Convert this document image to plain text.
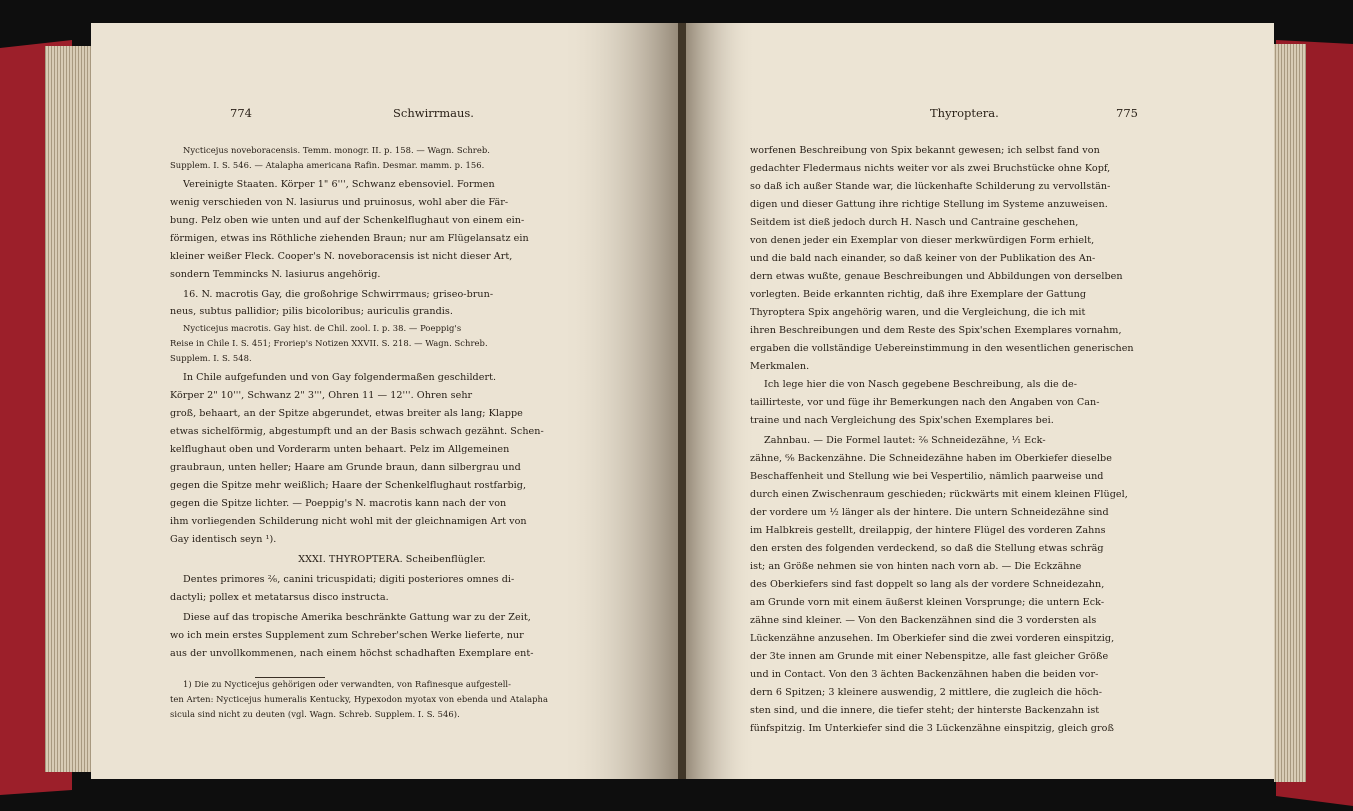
774	Schwirrmaus.	Thyroptera.	775
Nycticejus noveboracensis. Temm. monogr. II. p. 158. — Wagn. Schreb.
Supplem. I. S. 546. — Atalapha americana Rafin. Desmar. mamm. p. 156.
Vereinigte Staaten. Körper 1" 6''', Schwanz ebensoviel. Formen
wenig verschieden von N. lasiurus und pruinosus, wohl aber die Fär-
bung. Pelz oben wie unten und auf der Schenkelflughaut von einem ein-
förmigen, etwas ins Röthliche ziehenden Braun; nur am Flügelansatz ein
kleiner weißer Fleck. Cooper's N. noveboracensis ist nicht dieser Art,
sondern Temmincks N. lasiurus angehörig.
16. N. macrotis Gay, die großohrige Schwirrmaus; griseo-brun-
neus, subtus pallidior; pilis bicoloribus; auriculis grandis.
Nycticejus macrotis. Gay hist. de Chil. zool. I. p. 38. — Poeppig's
Reise in Chile I. S. 451; Froriep's Notizen XXVII. S. 218. — Wagn. Schreb.
Supplem. I. S. 548.
In Chile aufgefunden und von Gay folgendermaßen geschildert.
Körper 2" 10''', Schwanz 2" 3''', Ohren 11 — 12'''. Ohren sehr
groß, behaart, an der Spitze abgerundet, etwas breiter als lang; Klappe
etwas sichelförmig, abgestumpft und an der Basis schwach gezähnt. Schen-
kelflughaut oben und Vorderarm unten behaart. Pelz im Allgemeinen
graubraun, unten heller; Haare am Grunde braun, dann silbergrau und
gegen die Spitze mehr weißlich; Haare der Schenkelflughaut rostfarbig,
gegen die Spitze lichter. — Poeppig's N. macrotis kann nach der von
ihm vorliegenden Schilderung nicht wohl mit der gleichnamigen Art von
Gay identisch seyn ¹).
XXXI. THYROPTERA. Scheibenflügler.
Dentes primores ²⁄₆, canini tricuspidati; digiti posteriores omnes di-
dactyli; pollex et metatarsus disco instructa.
Diese auf das tropische Amerika beschränkte Gattung war zu der Zeit,
wo ich mein erstes Supplement zum Schreber'schen Werke lieferte, nur
aus der unvollkommenen, nach einem höchst schadhaften Exemplare ent-
1) Die zu Nycticejus gehörigen oder verwandten, von Rafinesque aufgestell-
ten Arten: Nycticejus humeralis Kentucky, Hypexodon myotax von ebenda und Atalapha
sicula sind nicht zu deuten (vgl. Wagn. Schreb. Supplem. I. S. 546).
worfenen Beschreibung von Spix bekannt gewesen; ich selbst fand von
gedachter Fledermaus nichts weiter vor als zwei Bruchstücke ohne Kopf,
so daß ich außer Stande war, die lückenhafte Schilderung zu vervollstän-
digen und dieser Gattung ihre richtige Stellung im Systeme anzuweisen.
Seitdem ist dieß jedoch durch H. Nasch und Cantraine geschehen,
von denen jeder ein Exemplar von dieser merkwürdigen Form erhielt,
und die bald nach einander, so daß keiner von der Publikation des An-
dern etwas wußte, genaue Beschreibungen und Abbildungen von derselben
vorlegten. Beide erkannten richtig, daß ihre Exemplare der Gattung
Thyroptera Spix angehörig waren, und die Vergleichung, die ich mit
ihren Beschreibungen und dem Reste des Spix'schen Exemplares vornahm,
ergaben die vollständige Uebereinstimmung in den wesentlichen generischen
Merkmalen.
Ich lege hier die von Nasch gegebene Beschreibung, als die de-
taillirteste, vor und füge ihr Bemerkungen nach den Angaben von Can-
traine und nach Vergleichung des Spix'schen Exemplares bei.
Zahnbau. — Die Formel lautet: ²⁄₆ Schneidezähne, ¹⁄₁ Eck-
zähne, ⁶⁄₆ Backenzähne. Die Schneidezähne haben im Oberkiefer dieselbe
Beschaffenheit und Stellung wie bei Vespertilio, nämlich paarweise und
durch einen Zwischenraum geschieden; rückwärts mit einem kleinen Flügel,
der vordere um ½ länger als der hintere. Die untern Schneidezähne sind
im Halbkreis gestellt, dreilappig, der hintere Flügel des vorderen Zahns
den ersten des folgenden verdeckend, so daß die Stellung etwas schräg
ist; an Größe nehmen sie von hinten nach vorn ab. — Die Eckzähne
des Oberkiefers sind fast doppelt so lang als der vordere Schneidezahn,
am Grunde vorn mit einem äußerst kleinen Vorsprunge; die untern Eck-
zähne sind kleiner. — Von den Backenzähnen sind die 3 vordersten als
Lückenzähne anzusehen. Im Oberkiefer sind die zwei vorderen einspitzig,
der 3te innen am Grunde mit einer Nebenspitze, alle fast gleicher Größe
und in Contact. Von den 3 ächten Backenzähnen haben die beiden vor-
dern 6 Spitzen; 3 kleinere auswendig, 2 mittlere, die zugleich die höch-
sten sind, und die innere, die tiefer steht; der hinterste Backenzahn ist
fünfspitzig. Im Unterkiefer sind die 3 Lückenzähne einspitzig, gleich groß
